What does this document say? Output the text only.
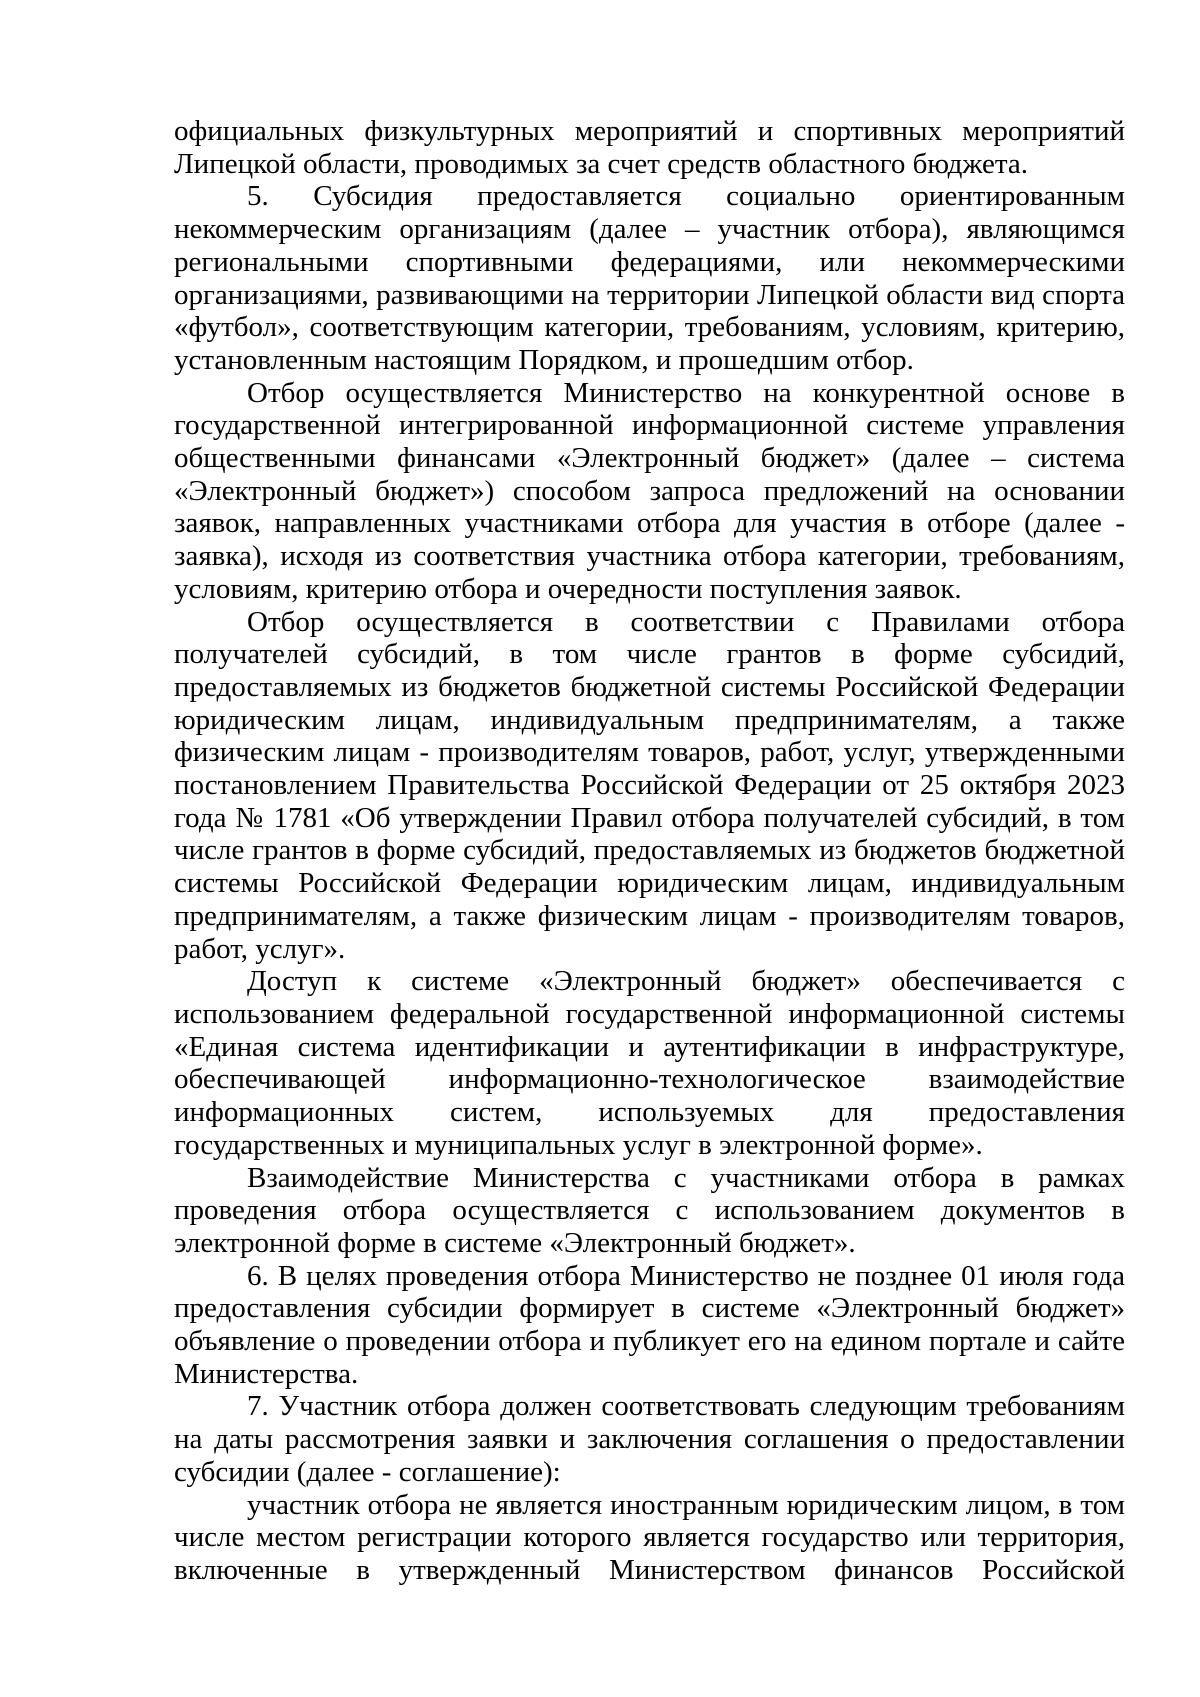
официальных физкультурных мероприятий и спортивных мероприятий Липецкой области, проводимых за счет средств областного бюджета.

5. Субсидия предоставляется социально ориентированным некоммерческим организациям (далее – участник отбора), являющимся региональными спортивными федерациями, или некоммерческими организациями, развивающими на территории Липецкой области вид спорта «футбол», соответствующим категории, требованиям, условиям, критерию, установленным настоящим Порядком, и прошедшим отбор.

Отбор осуществляется Министерство на конкурентной основе в государственной интегрированной информационной системе управления общественными финансами «Электронный бюджет» (далее – система «Электронный бюджет») способом запроса предложений на основании заявок, направленных участниками отбора для участия в отборе (далее - заявка), исходя из соответствия участника отбора категории, требованиям, условиям, критерию отбора и очередности поступления заявок.

Отбор осуществляется в соответствии с Правилами отбора получателей субсидий, в том числе грантов в форме субсидий, предоставляемых из бюджетов бюджетной системы Российской Федерации юридическим лицам, индивидуальным предпринимателям, а также физическим лицам - производителям товаров, работ, услуг, утвержденными постановлением Правительства Российской Федерации от 25 октября 2023 года № 1781 «Об утверждении Правил отбора получателей субсидий, в том числе грантов в форме субсидий, предоставляемых из бюджетов бюджетной системы Российской Федерации юридическим лицам, индивидуальным предпринимателям, а также физическим лицам - производителям товаров, работ, услуг».

Доступ к системе «Электронный бюджет» обеспечивается с использованием федеральной государственной информационной системы «Единая система идентификации и аутентификации в инфраструктуре, обеспечивающей информационно-технологическое взаимодействие информационных систем, используемых для предоставления государственных и муниципальных услуг в электронной форме».

Взаимодействие Министерства с участниками отбора в рамках проведения отбора осуществляется с использованием документов в электронной форме в системе «Электронный бюджет».

6. В целях проведения отбора Министерство не позднее 01 июля года предоставления субсидии формирует в системе «Электронный бюджет» объявление о проведении отбора и публикует его на едином портале и сайте Министерства.

7. Участник отбора должен соответствовать следующим требованиям на даты рассмотрения заявки и заключения соглашения о предоставлении субсидии (далее - соглашение):

участник отбора не является иностранным юридическим лицом, в том числе местом регистрации которого является государство или территория, включенные в утвержденный Министерством финансов Российской
